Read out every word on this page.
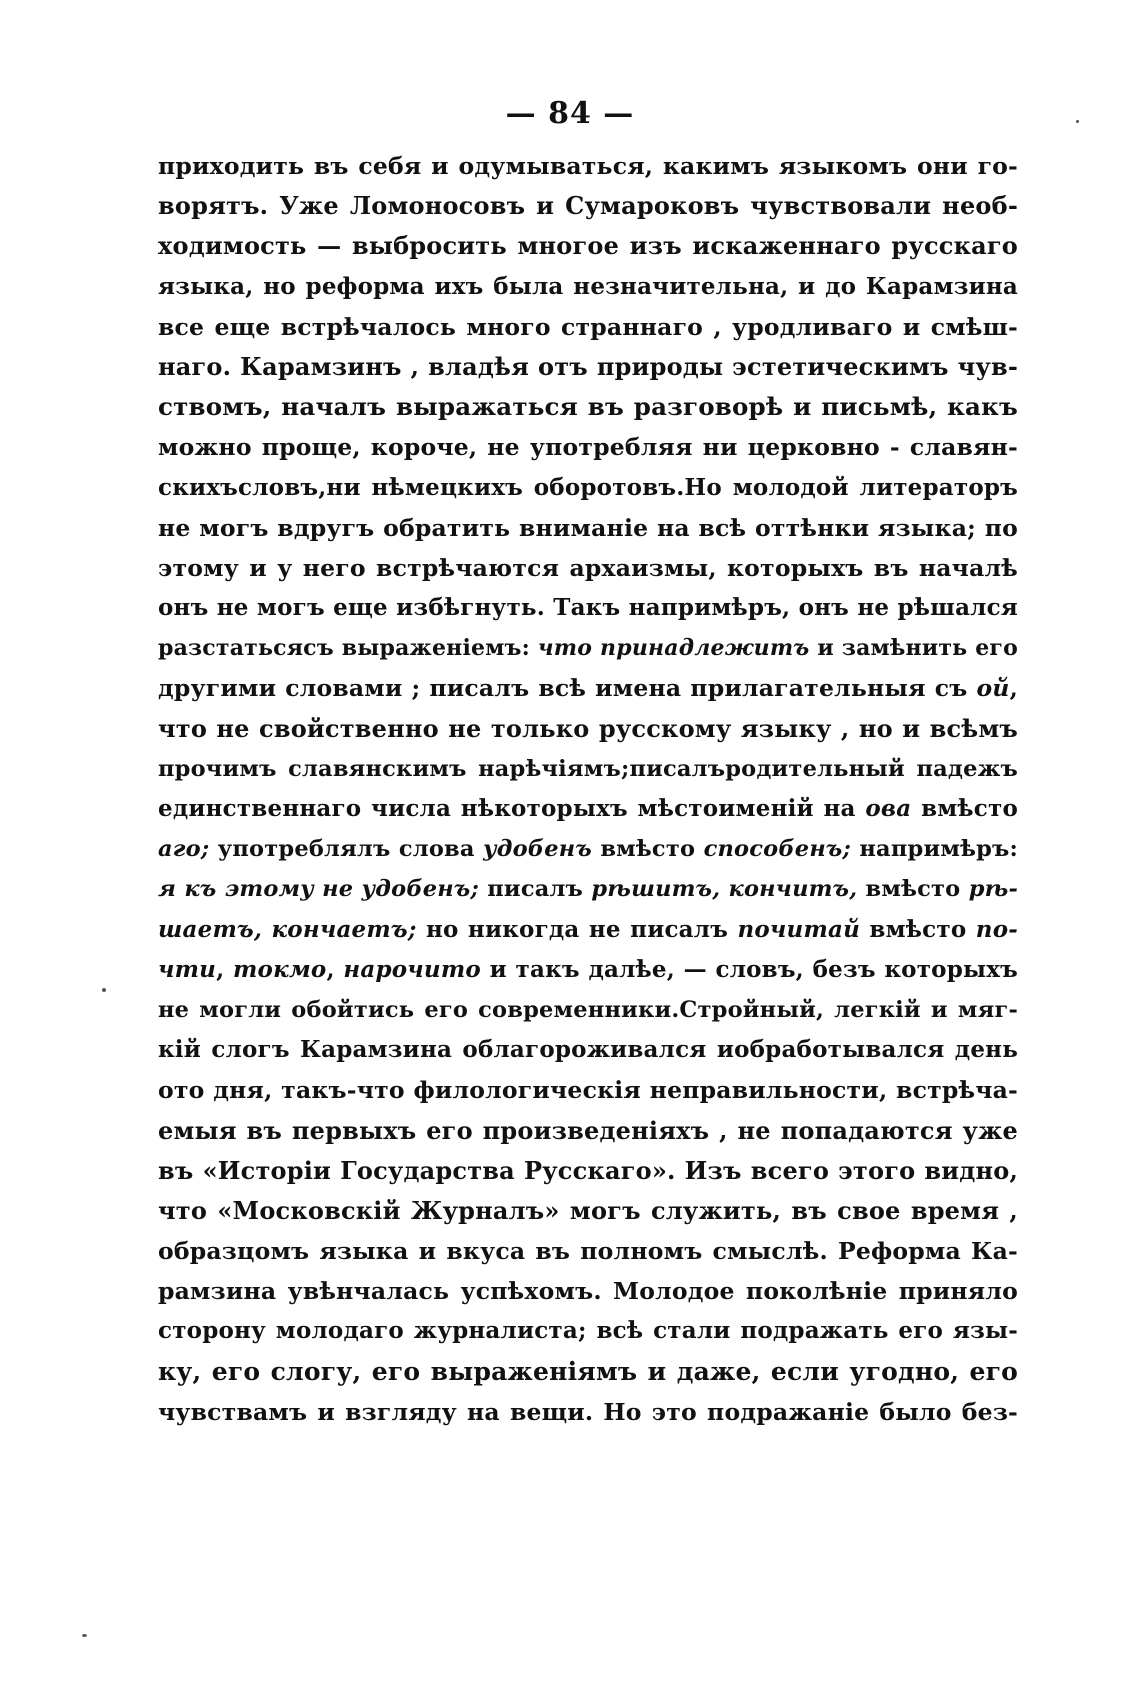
— 84 —
приходить въ себя и одумываться, какимъ языкомъ они го-
ворятъ. Уже Ломоносовъ и Сумароковъ чувствовали необ-
ходимость — выбросить многое изъ искаженнаго русскаго
языка, но реформа ихъ была незначительна, и до Карамзина
все еще встрѣчалось много страннаго , уродливаго и смѣш-
наго. Карамзинъ , владѣя отъ природы эстетическимъ чув-
ствомъ, началъ выражаться въ разговорѣ и письмѣ, какъ
можно проще, короче, не употребляя ни церковно - славян-
скихъсловъ,ни нѣмецкихъ оборотовъ.Но молодой литераторъ
не могъ вдругъ обратить вниманіе на всѣ оттѣнки языка; по
этому и у него встрѣчаются архаизмы, которыхъ въ началѣ
онъ не могъ еще избѣгнуть. Такъ напримѣръ, онъ не рѣшался
разстатьсясъ выраженіемъ: что принадлежитъ и замѣнить его
другими словами ; писалъ всѣ имена прилагательныя съ ой,
что не свойственно не только русскому языку , но и всѣмъ
прочимъ славянскимъ нарѣчіямъ;писалъродительный падежъ
единственнаго числа нѣкоторыхъ мѣстоименій на ова вмѣсто
аго; употреблялъ слова удобенъ вмѣсто способенъ; напримѣръ:
я къ этому не удобенъ; писалъ рѣшитъ, кончитъ, вмѣсто рѣ-
шаетъ, кончаетъ; но никогда не писалъ почитай вмѣсто по-
чти, токмо, нарочито и такъ далѣе, — словъ, безъ которыхъ
не могли обойтись его современники.Стройный, легкій и мяг-
кій слогъ Карамзина облагороживался иобработывался день
ото дня, такъ-что филологическія неправильности, встрѣча-
емыя въ первыхъ его произведеніяхъ , не попадаются уже
въ «Исторіи Государства Русскаго». Изъ всего этого видно,
что «Московскій Журналъ» могъ служить, въ свое время ,
образцомъ языка и вкуса въ полномъ смыслѣ. Реформа Ка-
рамзина увѣнчалась успѣхомъ. Молодое поколѣніе приняло
сторону молодаго журналиста; всѣ стали подражать его язы-
ку, его слогу, его выраженіямъ и даже, если угодно, его
чувствамъ и взгляду на вещи. Но это подражаніе было без-
